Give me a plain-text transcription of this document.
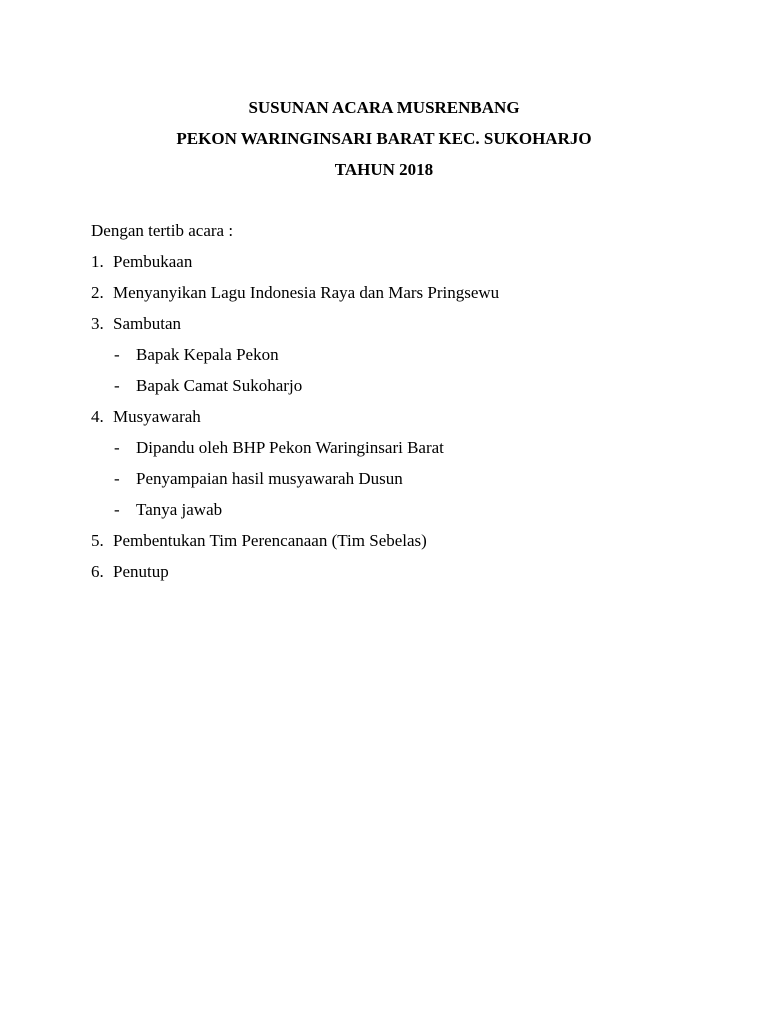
SUSUNAN ACARA MUSRENBANG
PEKON WARINGINSARI BARAT KEC. SUKOHARJO
TAHUN 2018
Dengan tertib acara :
1. Pembukaan
2. Menyanyikan Lagu Indonesia Raya dan Mars Pringsewu
3. Sambutan
- Bapak Kepala Pekon
- Bapak Camat Sukoharjo
4. Musyawarah
- Dipandu oleh BHP Pekon Waringinsari Barat
- Penyampaian hasil musyawarah Dusun
- Tanya jawab
5. Pembentukan Tim Perencanaan (Tim Sebelas)
6. Penutup
